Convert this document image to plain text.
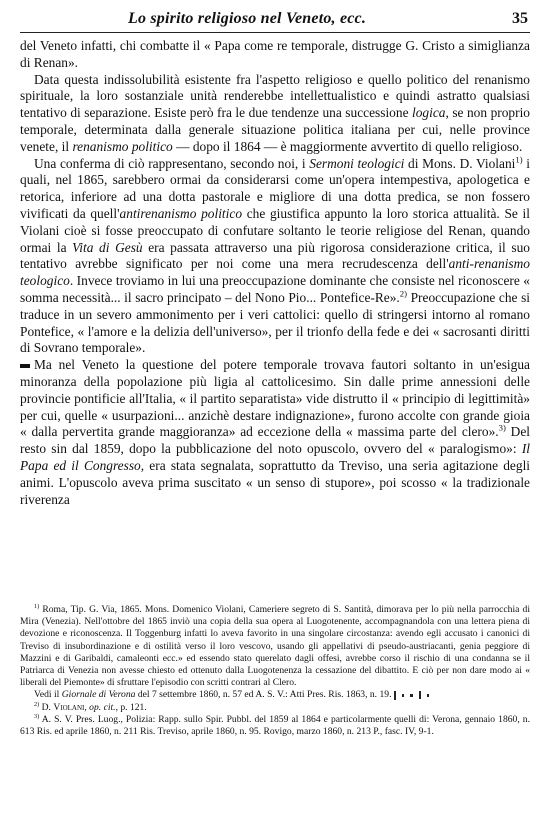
Lo spirito religioso nel Veneto, ecc.	35

del Veneto infatti, chi combatte il « Papa come re temporale, distrugge G. Cristo a simiglianza di Renan».

Data questa indissolubilità esistente fra l'aspetto religioso e quello politico del renanismo spirituale, la loro sostanziale unità renderebbe intellettualistico e quindi astratto qualsiasi tentativo di separazione. Esiste però fra le due tendenze una successione logica, se non proprio temporale, determinata dalla generale situazione politica italiana per cui, nelle province venete, il renanismo politico — dopo il 1864 — è maggiormente avvertito di quello religioso.

Una conferma di ciò rappresentano, secondo noi, i Sermoni teologici di Mons. D. Violani$^{1)}$ i quali, nel 1865, sarebbero ormai da considerarsi come un'opera intempestiva, apologetica e retorica, inferiore ad una dotta pastorale e migliore di una dotta predica, se non fossero vivificati da quell'antirenanismo politico che giustifica appunto la loro storica attualità. Se il Violani cioè si fosse preoccupato di confutare soltanto le teorie religiose del Renan, quando ormai la Vita di Gesù era passata attraverso una più rigorosa considerazione critica, il suo tentativo avrebbe significato per noi come una mera recrudescenza dell'anti-renanismo teologico. Invece troviamo in lui una preoccupazione dominante che consiste nel riconoscere « somma necessità... il sacro principato – del Nono Pio... Pontefice-Re».$^{2)}$ Preoccupazione che si traduce in un severo ammonimento per i veri cattolici: quello di stringersi intorno al romano Pontefice, « l'amore e la delizia dell'universo», per il trionfo della fede e dei « sacrosanti diritti di Sovrano temporale».

Ma nel Veneto la questione del potere temporale trovava fautori soltanto in un'esigua minoranza della popolazione più ligia al cattolicesimo. Sin dalle prime annessioni delle provincie pontificie all'Italia, « il partito separatista» vide distrutto il « principio di legittimità» per cui, quelle « usurpazioni... anzichè destare indignazione», furono accolte con grande gioia « dalla pervertita grande maggioranza» ad eccezione della « massima parte del clero».$^{3)}$ Del resto sin dal 1859, dopo la pubblicazione del noto opuscolo, ovvero del « paralogismo»: Il Papa ed il Congresso, era stata segnalata, soprattutto da Treviso, una seria agitazione degli animi. L'opuscolo aveva prima suscitato « un senso di stupore», poi scosso « la tradizionale riverenza

$^{1)}$ Roma, Tip. G. Via, 1865. Mons. Domenico Violani, Cameriere segreto di S. Santità, dimorava per lo più nella parrocchia di Mira (Venezia). Nell'ottobre del 1865 inviò una copia della sua opera al Luogotenente, accompagnandola con una lettera piena di devozione e riconoscenza. Il Toggenburg infatti lo aveva favorito in una singolare circostanza: avendo egli accusato i canonici di Treviso di insubordinazione e di ostilità verso il loro vescovo, usando gli appellativi di pseudo-austriacanti, genia peggiore di Mazzini e di Garibaldi, camaleonti ecc.» ed essendo stato querelato dagli offesi, avrebbe corso il rischio di una condanna se il Patriarca di Venezia non avesse chiesto ed ottenuto dalla Luogotenenza la cessazione del dibattito. E ciò per non dare modo ai « liberali del Piemonte» di sfruttare l'episodio con scritti contrari al Clero.

Vedi il Giornale di Verona del 7 settembre 1860, n. 57 ed A. S. V.: Atti Pres. Ris. 1863, n. 19.

$^{2)}$ D. Violani, op. cit., p. 121.

$^{3)}$ A. S. V. Pres. Luog., Polizia: Rapp. sullo Spir. Pubbl. del 1859 al 1864 e particolarmente quelli di: Verona, gennaio 1860, n. 613 Ris. ed aprile 1860, n. 211 Ris. Treviso, aprile 1860, n. 95. Rovigo, marzo 1860, n. 213 P., fasc. IV, 9-1.
